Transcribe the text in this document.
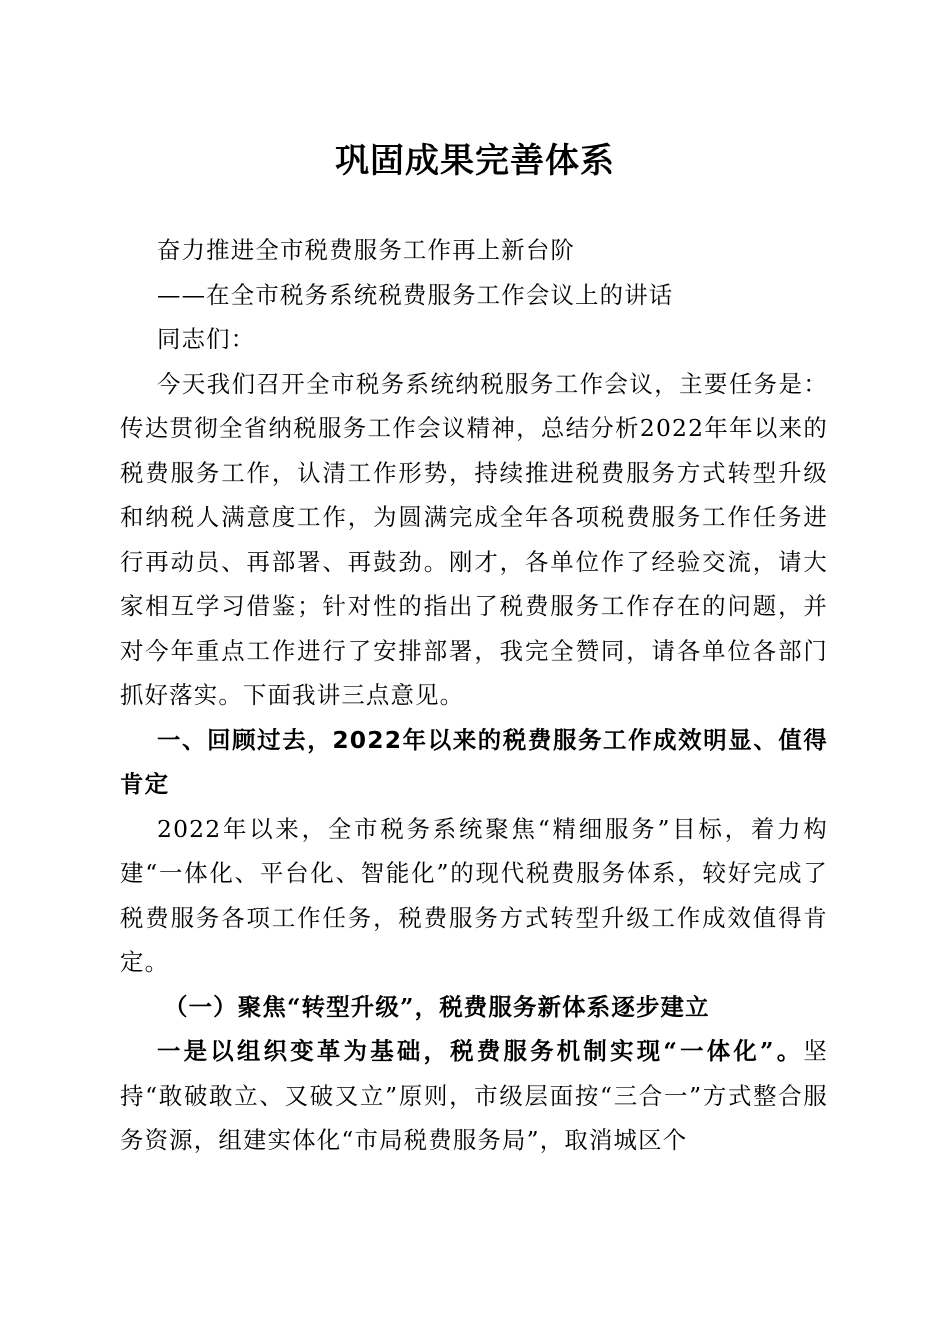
巩固成果完善体系

奋力推进全市税费服务工作再上新台阶

——在全市税务系统税费服务工作会议上的讲话

同志们：

今天我们召开全市税务系统纳税服务工作会议，主要任务是：传达贯彻全省纳税服务工作会议精神，总结分析2022年年以来的税费服务工作，认清工作形势，持续推进税费服务方式转型升级和纳税人满意度工作，为圆满完成全年各项税费服务工作任务进行再动员、再部署、再鼓劲。刚才，各单位作了经验交流，请大家相互学习借鉴；针对性的指出了税费服务工作存在的问题，并对今年重点工作进行了安排部署，我完全赞同，请各单位各部门抓好落实。下面我讲三点意见。

一、回顾过去，2022年以来的税费服务工作成效明显、值得肯定

2022年以来，全市税务系统聚焦“精细服务”目标，着力构建“一体化、平台化、智能化”的现代税费服务体系，较好完成了税费服务各项工作任务，税费服务方式转型升级工作成效值得肯定。

（一）聚焦“转型升级”，税费服务新体系逐步建立

一是以组织变革为基础，税费服务机制实现“一体化”。坚持“敢破敢立、又破又立”原则，市级层面按“三合一”方式整合服务资源，组建实体化“市局税费服务局”，取消城区个
